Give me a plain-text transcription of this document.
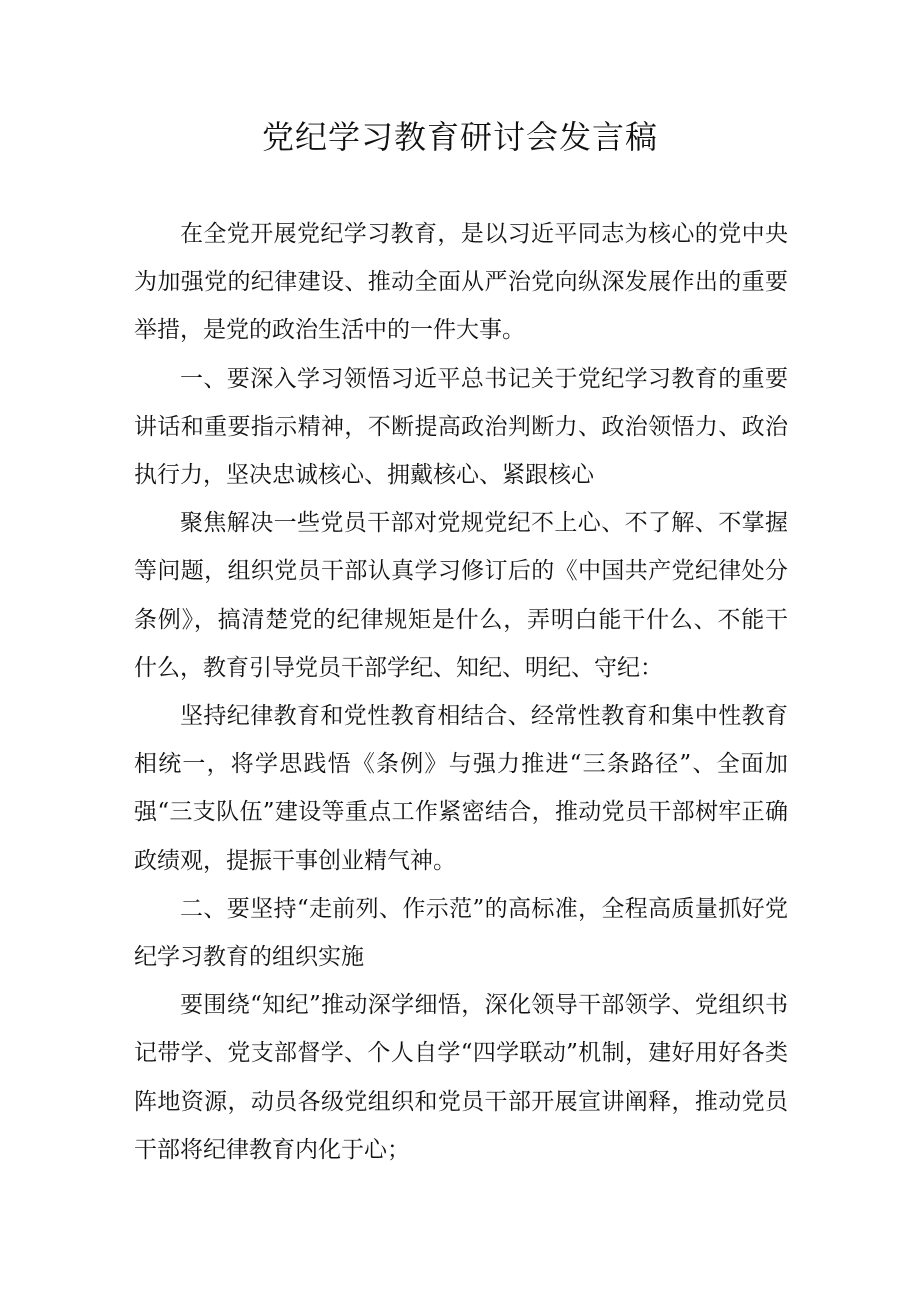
党纪学习教育研讨会发言稿

在全党开展党纪学习教育，是以习近平同志为核心的党中央为加强党的纪律建设、推动全面从严治党向纵深发展作出的重要举措，是党的政治生活中的一件大事。

一、要深入学习领悟习近平总书记关于党纪学习教育的重要讲话和重要指示精神，不断提高政治判断力、政治领悟力、政治执行力，坚决忠诚核心、拥戴核心、紧跟核心

聚焦解决一些党员干部对党规党纪不上心、不了解、不掌握等问题，组织党员干部认真学习修订后的《中国共产党纪律处分条例》，搞清楚党的纪律规矩是什么，弄明白能干什么、不能干什么，教育引导党员干部学纪、知纪、明纪、守纪：

坚持纪律教育和党性教育相结合、经常性教育和集中性教育相统一，将学思践悟《条例》与强力推进“三条路径”、全面加强“三支队伍”建设等重点工作紧密结合，推动党员干部树牢正确政绩观，提振干事创业精气神。

二、要坚持“走前列、作示范”的高标准，全程高质量抓好党纪学习教育的组织实施

要围绕“知纪”推动深学细悟，深化领导干部领学、党组织书记带学、党支部督学、个人自学“四学联动”机制，建好用好各类阵地资源，动员各级党组织和党员干部开展宣讲阐释，推动党员干部将纪律教育内化于心；
